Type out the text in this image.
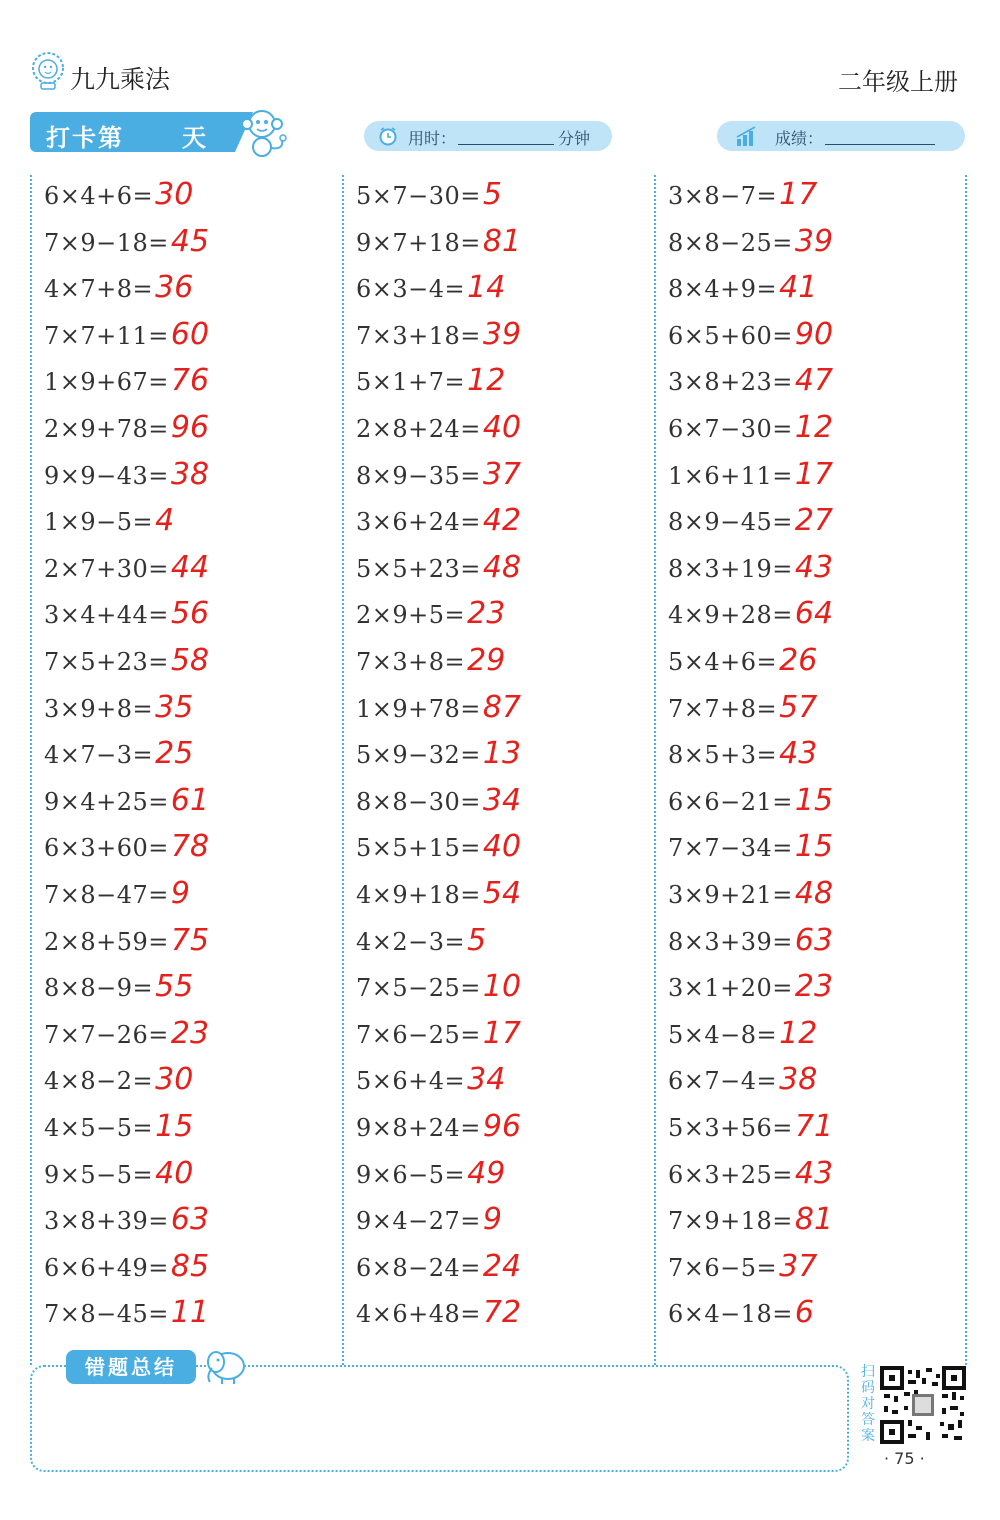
九九乘法	二年级上册
打卡第 天	用时：	分钟	成绩：
6×4+6=30
7×9−18=45
4×7+8=36
7×7+11=60
1×9+67=76
2×9+78=96
9×9−43=38
1×9−5=4
2×7+30=44
3×4+44=56
7×5+23=58
3×9+8=35
4×7−3=25
9×4+25=61
6×3+60=78
7×8−47=9
2×8+59=75
8×8−9=55
7×7−26=23
4×8−2=30
4×5−5=15
9×5−5=40
3×8+39=63
6×6+49=85
7×8−45=11
5×7−30=5
9×7+18=81
6×3−4=14
7×3+18=39
5×1+7=12
2×8+24=40
8×9−35=37
3×6+24=42
5×5+23=48
2×9+5=23
7×3+8=29
1×9+78=87
5×9−32=13
8×8−30=34
5×5+15=40
4×9+18=54
4×2−3=5
7×5−25=10
7×6−25=17
5×6+4=34
9×8+24=96
9×6−5=49
9×4−27=9
6×8−24=24
4×6+48=72
3×8−7=17
8×8−25=39
8×4+9=41
6×5+60=90
3×8+23=47
6×7−30=12
1×6+11=17
8×9−45=27
8×3+19=43
4×9+28=64
5×4+6=26
7×7+8=57
8×5+3=43
6×6−21=15
7×7−34=15
3×9+21=48
8×3+39=63
3×1+20=23
5×4−8=12
6×7−4=38
5×3+56=71
6×3+25=43
7×9+18=81
7×6−5=37
6×4−18=6
错题总结	扫码对答案
· 75 ·
